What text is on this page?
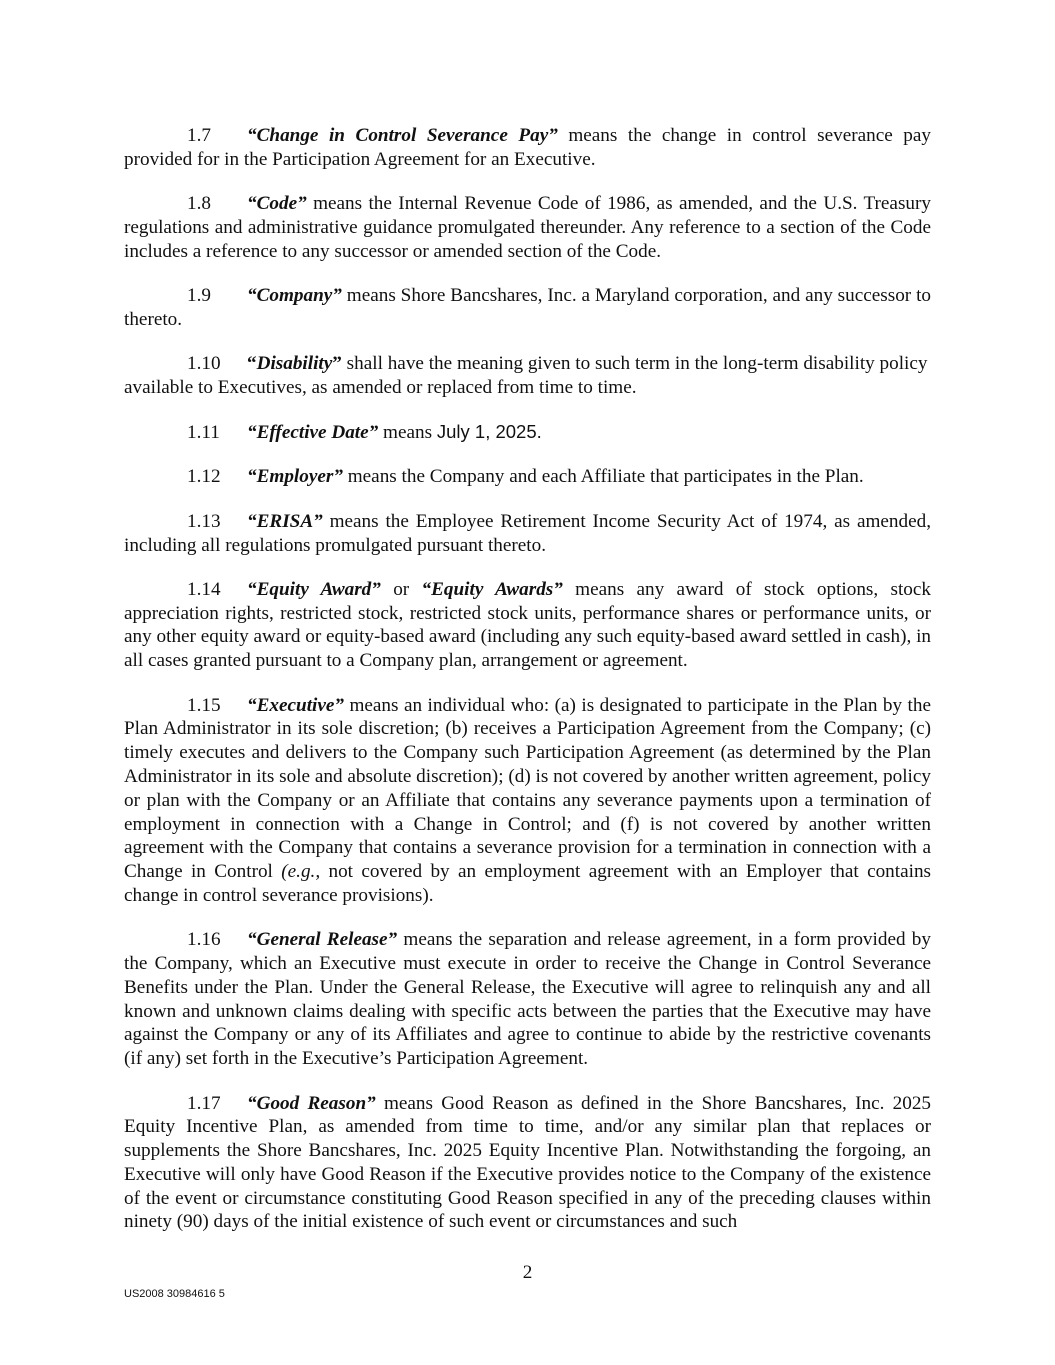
1.7 “Change in Control Severance Pay” means the change in control severance pay provided for in the Participation Agreement for an Executive.

1.8 “Code” means the Internal Revenue Code of 1986, as amended, and the U.S. Treasury regulations and administrative guidance promulgated thereunder. Any reference to a section of the Code includes a reference to any successor or amended section of the Code.

1.9 “Company” means Shore Bancshares, Inc. a Maryland corporation, and any successor to thereto.

1.10 “Disability” shall have the meaning given to such term in the long-term disability policy available to Executives, as amended or replaced from time to time.

1.11 “Effective Date” means July 1, 2025.

1.12 “Employer” means the Company and each Affiliate that participates in the Plan.

1.13 “ERISA” means the Employee Retirement Income Security Act of 1974, as amended, including all regulations promulgated pursuant thereto.

1.14 “Equity Award” or “Equity Awards” means any award of stock options, stock appreciation rights, restricted stock, restricted stock units, performance shares or performance units, or any other equity award or equity-based award (including any such equity-based award settled in cash), in all cases granted pursuant to a Company plan, arrangement or agreement.

1.15 “Executive” means an individual who: (a) is designated to participate in the Plan by the Plan Administrator in its sole discretion; (b) receives a Participation Agreement from the Company; (c) timely executes and delivers to the Company such Participation Agreement (as determined by the Plan Administrator in its sole and absolute discretion); (d) is not covered by another written agreement, policy or plan with the Company or an Affiliate that contains any severance payments upon a termination of employment in connection with a Change in Control; and (f) is not covered by another written agreement with the Company that contains a severance provision for a termination in connection with a Change in Control (e.g., not covered by an employment agreement with an Employer that contains change in control severance provisions).

1.16 “General Release” means the separation and release agreement, in a form provided by the Company, which an Executive must execute in order to receive the Change in Control Severance Benefits under the Plan. Under the General Release, the Executive will agree to relinquish any and all known and unknown claims dealing with specific acts between the parties that the Executive may have against the Company or any of its Affiliates and agree to continue to abide by the restrictive covenants (if any) set forth in the Executive’s Participation Agreement.

1.17 “Good Reason” means Good Reason as defined in the Shore Bancshares, Inc. 2025 Equity Incentive Plan, as amended from time to time, and/or any similar plan that replaces or supplements the Shore Bancshares, Inc. 2025 Equity Incentive Plan. Notwithstanding the forgoing, an Executive will only have Good Reason if the Executive provides notice to the Company of the existence of the event or circumstance constituting Good Reason specified in any of the preceding clauses within ninety (90) days of the initial existence of such event or circumstances and such

2
US2008 30984616 5
